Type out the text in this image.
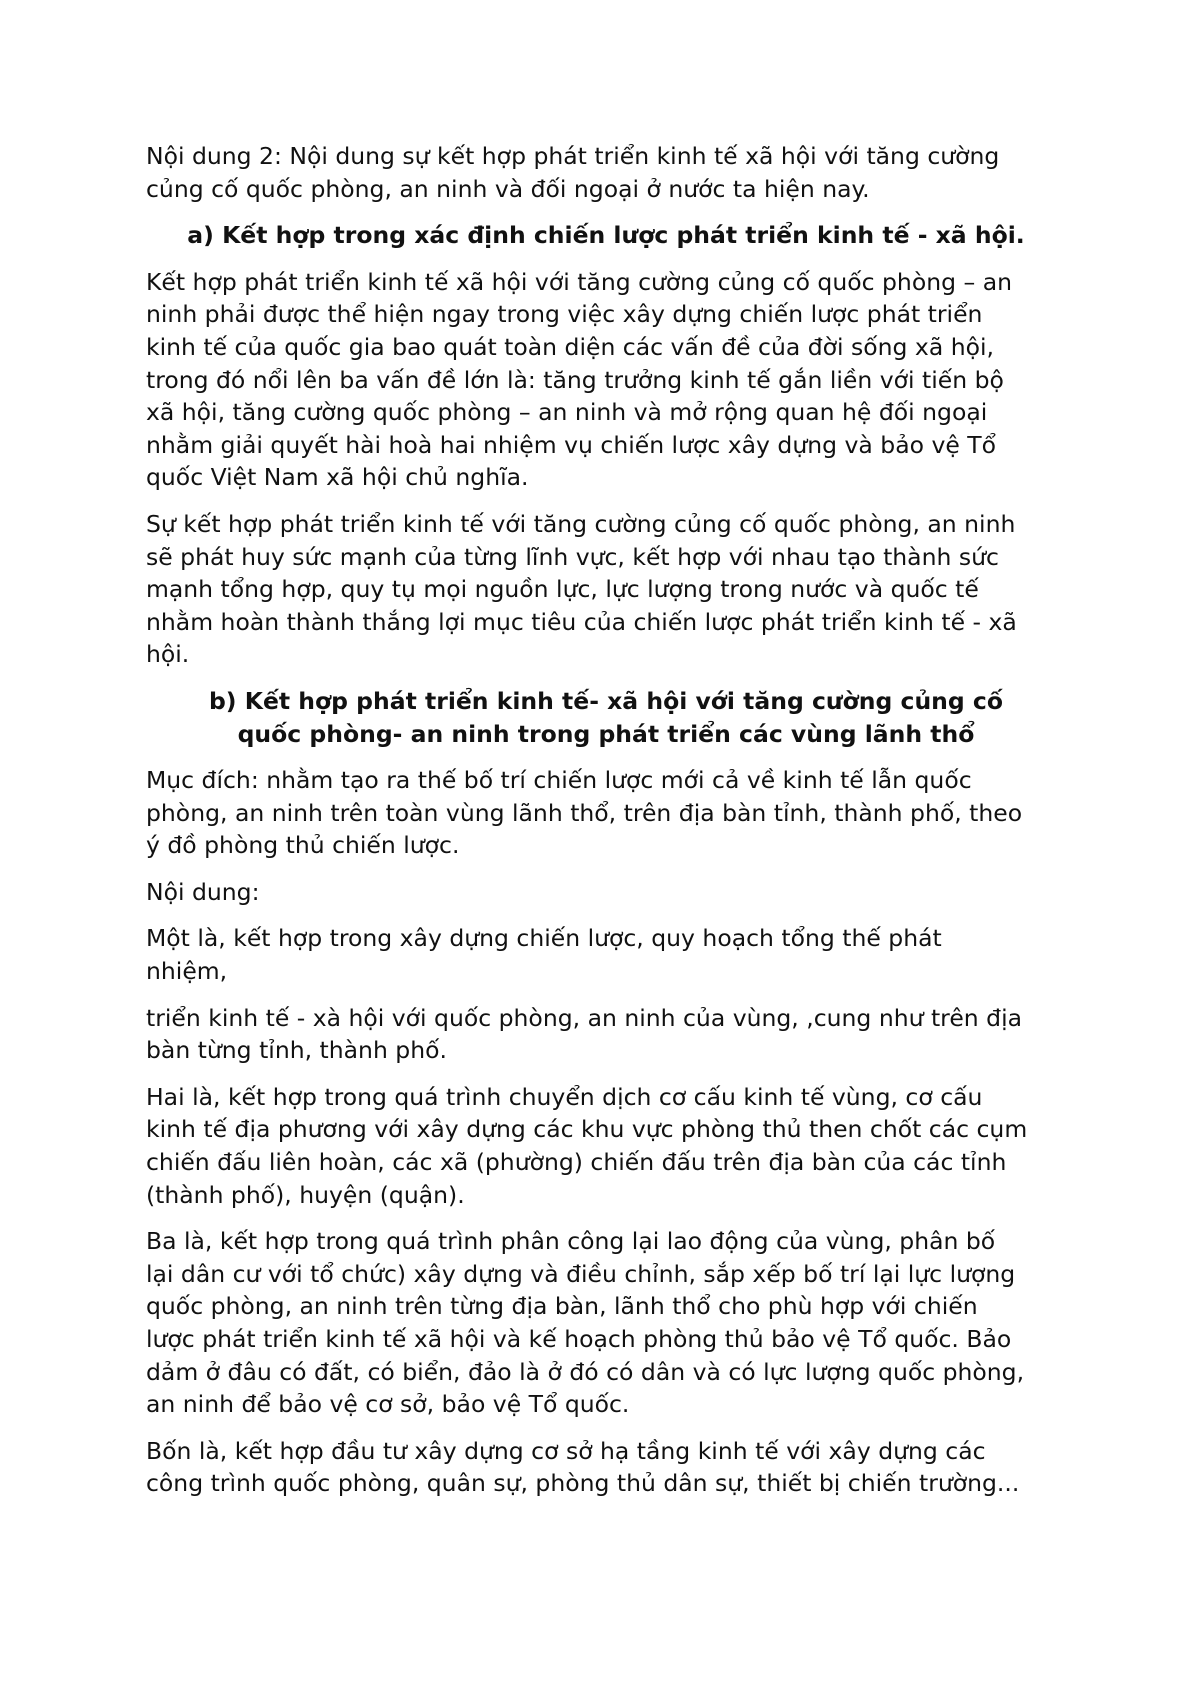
Nội dung 2: Nội dung sự kết hợp phát triển kinh tế xã hội với tăng cường
củng cố quốc phòng, an ninh và đối ngoại ở nước ta hiện nay.

a) Kết hợp trong xác định chiến lược phát triển kinh tế - xã hội.

Kết hợp phát triển kinh tế xã hội với tăng cường củng cố quốc phòng – an
ninh phải được thể hiện ngay trong việc xây dựng chiến lược phát triển
kinh tế của quốc gia bao quát toàn diện các vấn đề của đời sống xã hội,
trong đó nổi lên ba vấn đề lớn là: tăng trưởng kinh tế gắn liền với tiến bộ
xã hội, tăng cường quốc phòng – an ninh và mở rộng quan hệ đối ngoại
nhằm giải quyết hài hoà hai nhiệm vụ chiến lược xây dựng và bảo vệ Tổ
quốc Việt Nam xã hội chủ nghĩa.

Sự kết hợp phát triển kinh tế với tăng cường củng cố quốc phòng, an ninh
sẽ phát huy sức mạnh của từng lĩnh vực, kết hợp với nhau tạo thành sức
mạnh tổng hợp, quy tụ mọi nguồn lực, lực lượng trong nước và quốc tế
nhằm hoàn thành thắng lợi mục tiêu của chiến lược phát triển kinh tế - xã
hội.

b) Kết hợp phát triển kinh tế- xã hội với tăng cường củng cố
quốc phòng- an ninh trong phát triển các vùng lãnh thổ

Mục đích: nhằm tạo ra thế bố trí chiến lược mới cả về kinh tế lẫn quốc
phòng, an ninh trên toàn vùng lãnh thổ, trên địa bàn tỉnh, thành phố, theo
ý đồ phòng thủ chiến lược.

Nội dung:

Một là, kết hợp trong xây dựng chiến lược, quy hoạch tổng thế phát
nhiệm,

triển kinh tế - xà hội với quốc phòng, an ninh của vùng, ,cung như trên địa
bàn từng tỉnh, thành phố.

Hai là, kết hợp trong quá trình chuyển dịch cơ cấu kinh tế vùng, cơ cấu
kinh tế địa phương với xây dựng các khu vực phòng thủ then chốt các cụm
chiến đấu liên hoàn, các xã (phường) chiến đấu trên địa bàn của các tỉnh
(thành phố), huyện (quận).

Ba là, kết hợp trong quá trình phân công lại lao động của vùng, phân bố
lại dân cư với tổ chức) xây dựng và điều chỉnh, sắp xếp bố trí lại lực lượng
quốc phòng, an ninh trên từng địa bàn, lãnh thổ cho phù hợp với chiến
lược phát triển kinh tế xã hội và kế hoạch phòng thủ bảo vệ Tổ quốc. Bảo
dảm ở đâu có đất, có biển, đảo là ở đó có dân và có lực lượng quốc phòng,
an ninh để bảo vệ cơ sở, bảo vệ Tổ quốc.

Bốn là, kết hợp đầu tư xây dựng cơ sở hạ tầng kinh tế với xây dựng các
công trình quốc phòng, quân sự, phòng thủ dân sự, thiết bị chiến trường...
